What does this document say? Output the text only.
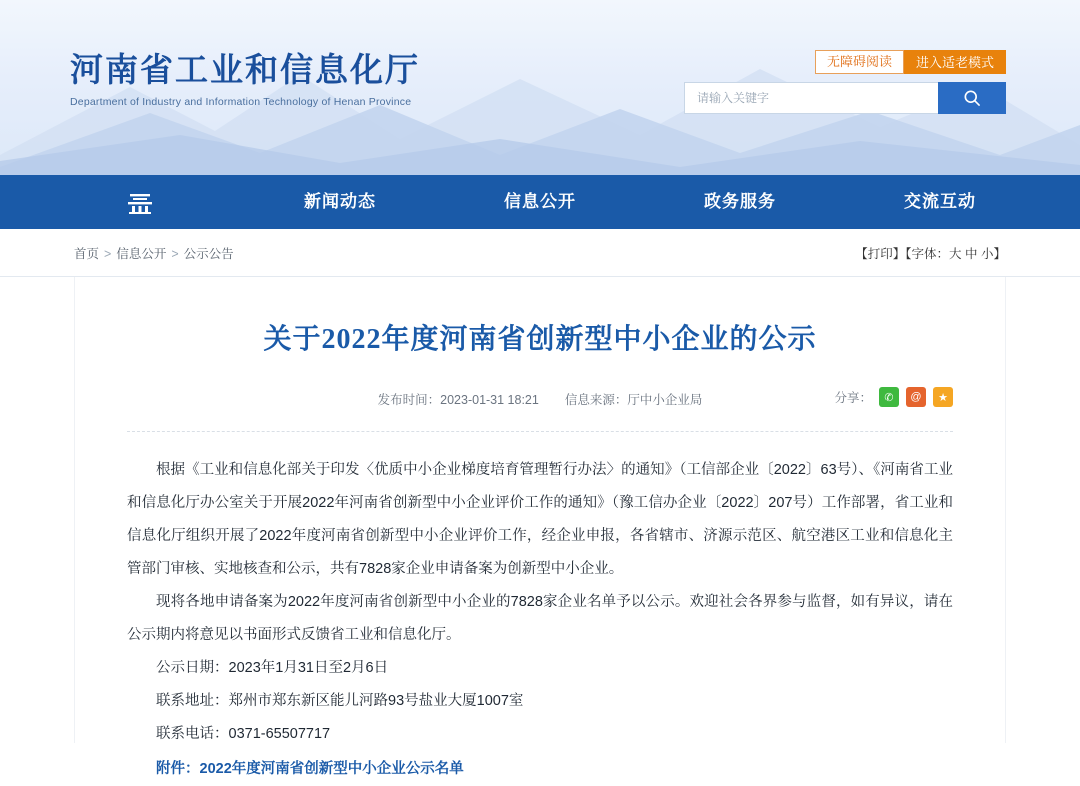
河南省工业和信息化厅
Department of Industry and Information Technology of Henan Province
无障碍阅读	进入适老模式
请输入关键字
新闻动态	信息公开	政务服务	交流互动
首页 > 信息公开 > 公示公告	【打印】【字体：大 中 小】
关于2022年度河南省创新型中小企业的公示
发布时间：2023-01-31 18:21 信息来源：厅中小企业局	分享：	✆	@	★

根据《工业和信息化部关于印发〈优质中小企业梯度培育管理暂行办法〉的通知》（工信部企业〔2022〕63号）、《河南省工业和信息化厅办公室关于开展2022年河南省创新型中小企业评价工作的通知》（豫工信办企业〔2022〕207号）工作部署，省工业和信息化厅组织开展了2022年度河南省创新型中小企业评价工作，经企业申报，各省辖市、济源示范区、航空港区工业和信息化主管部门审核、实地核查和公示，共有7828家企业申请备案为创新型中小企业。

现将各地申请备案为2022年度河南省创新型中小企业的7828家企业名单予以公示。欢迎社会各界参与监督，如有异议，请在公示期内将意见以书面形式反馈省工业和信息化厅。

公示日期：2023年1月31日至2月6日

联系地址：郑州市郑东新区能儿河路93号盐业大厦1007室

联系电话：0371-65507717

附件：2022年度河南省创新型中小企业公示名单
